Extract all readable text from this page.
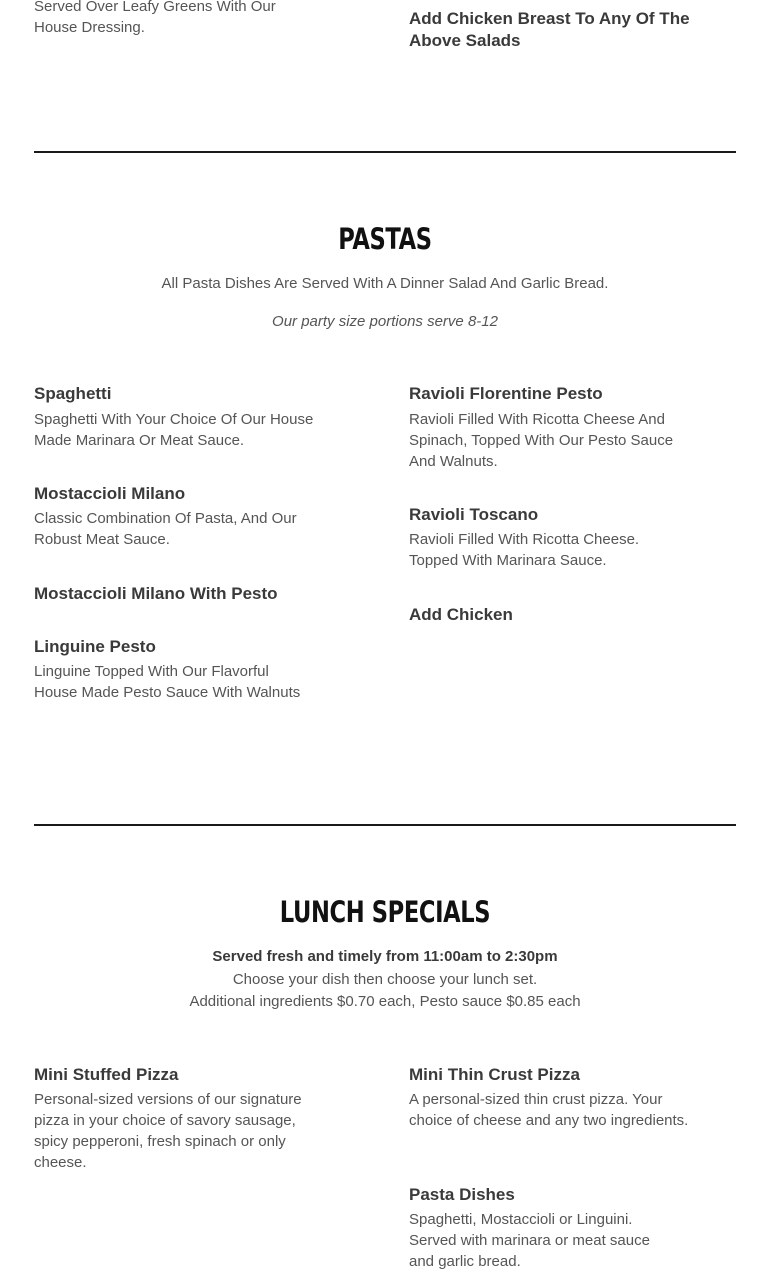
Served Over Leafy Greens With Our House Dressing.	Add Chicken Breast To Any Of The Above Salads
PASTAS
All Pasta Dishes Are Served With A Dinner Salad And Garlic Bread.
Our party size portions serve 8-12
Spaghetti
Spaghetti With Your Choice Of Our House Made Marinara Or Meat Sauce.
Mostaccioli Milano
Classic Combination Of Pasta, And Our Robust Meat Sauce.
Mostaccioli Milano With Pesto
Linguine Pesto
Linguine Topped With Our Flavorful House Made Pesto Sauce With Walnuts
Ravioli Florentine Pesto
Ravioli Filled With Ricotta Cheese And Spinach, Topped With Our Pesto Sauce And Walnuts.
Ravioli Toscano
Ravioli Filled With Ricotta Cheese. Topped With Marinara Sauce.
Add Chicken
LUNCH SPECIALS
Served fresh and timely from 11:00am to 2:30pm
Choose your dish then choose your lunch set.
Additional ingredients $0.70 each, Pesto sauce $0.85 each
Mini Stuffed Pizza
Personal-sized versions of our signature pizza in your choice of savory sausage, spicy pepperoni, fresh spinach or only cheese.
Mini Thin Crust Pizza
A personal-sized thin crust pizza. Your choice of cheese and any two ingredients.
Pasta Dishes
Spaghetti, Mostaccioli or Linguini. Served with marinara or meat sauce and garlic bread.
